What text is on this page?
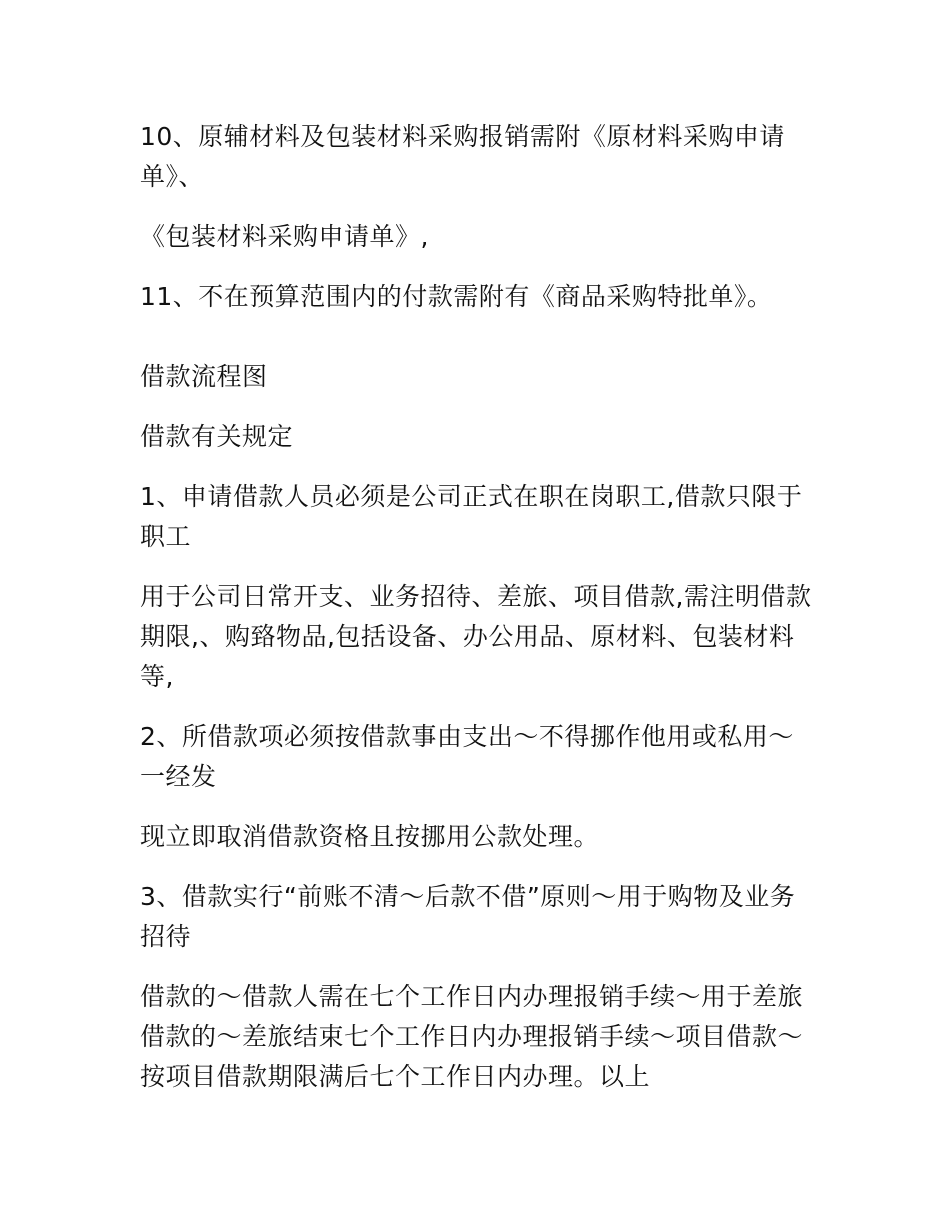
10、原辅材料及包装材料采购报销需附《原材料采购申请单》、

《包装材料采购申请单》,

11、不在预算范围内的付款需附有《商品采购特批单》。

借款流程图

借款有关规定

1、申请借款人员必须是公司正式在职在岗职工,借款只限于职工

用于公司日常开支、业务招待、差旅、项目借款,需注明借款期限,、购臵物品,包括设备、办公用品、原材料、包装材料等,

2、所借款项必须按借款事由支出～不得挪作他用或私用～一经发

现立即取消借款资格且按挪用公款处理。

3、借款实行“前账不清～后款不借”原则～用于购物及业务招待

借款的～借款人需在七个工作日内办理报销手续～用于差旅借款的～差旅结束七个工作日内办理报销手续～项目借款～按项目借款期限满后七个工作日内办理。以上
